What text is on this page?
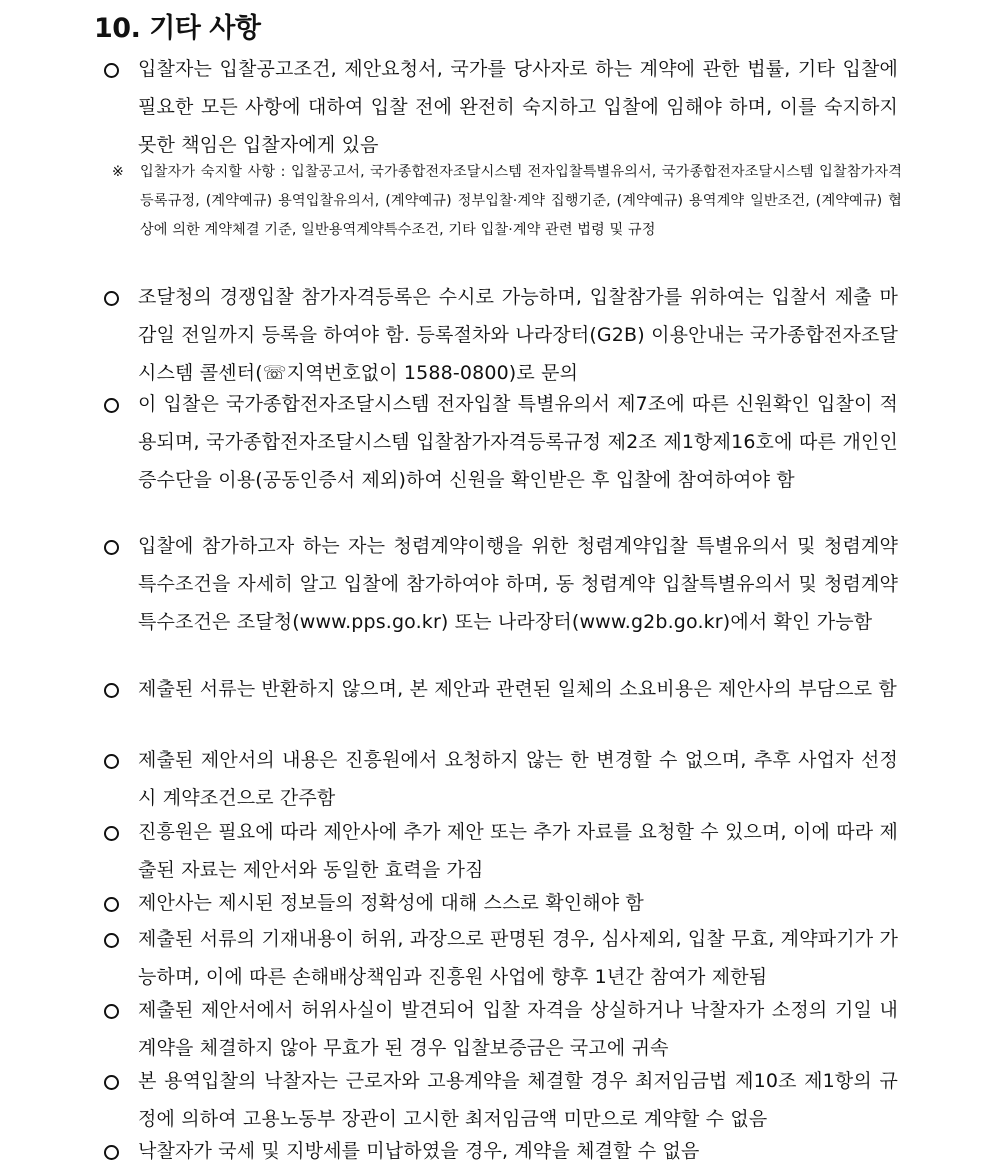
10. 기타 사항
입찰자는 입찰공고조건, 제안요청서, 국가를 당사자로 하는 계약에 관한 법률, 기타 입찰에 필요한 모든 사항에 대하여 입찰 전에 완전히 숙지하고 입찰에 임해야 하며, 이를 숙지하지 못한 책임은 입찰자에게 있음
※ 입찰자가 숙지할 사항 : 입찰공고서, 국가종합전자조달시스템 전자입찰특별유의서, 국가종합전자조달시스템 입찰참가자격등록규정, (계약예규) 용역입찰유의서, (계약예규) 정부입찰·계약 집행기준, (계약예규) 용역계약 일반조건, (계약예규) 협상에 의한 계약체결 기준, 일반용역계약특수조건, 기타 입찰·계약 관련 법령 및 규정
조달청의 경쟁입찰 참가자격등록은 수시로 가능하며, 입찰참가를 위하여는 입찰서 제출 마감일 전일까지 등록을 하여야 함. 등록절차와 나라장터(G2B) 이용안내는 국가종합전자조달시스템 콜센터(☏지역번호없이 1588-0800)로 문의
이 입찰은 국가종합전자조달시스템 전자입찰 특별유의서 제7조에 따른 신원확인 입찰이 적용되며, 국가종합전자조달시스템 입찰참가자격등록규정 제2조 제1항제16호에 따른 개인인증수단을 이용(공동인증서 제외)하여 신원을 확인받은 후 입찰에 참여하여야 함
입찰에 참가하고자 하는 자는 청렴계약이행을 위한 청렴계약입찰 특별유의서 및 청렴계약 특수조건을 자세히 알고 입찰에 참가하여야 하며, 동 청렴계약 입찰특별유의서 및 청렴계약 특수조건은 조달청(www.pps.go.kr) 또는 나라장터(www.g2b.go.kr)에서 확인 가능함
제출된 서류는 반환하지 않으며, 본 제안과 관련된 일체의 소요비용은 제안사의 부담으로 함
제출된 제안서의 내용은 진흥원에서 요청하지 않는 한 변경할 수 없으며, 추후 사업자 선정 시 계약조건으로 간주함
진흥원은 필요에 따라 제안사에 추가 제안 또는 추가 자료를 요청할 수 있으며, 이에 따라 제출된 자료는 제안서와 동일한 효력을 가짐
제안사는 제시된 정보들의 정확성에 대해 스스로 확인해야 함
제출된 서류의 기재내용이 허위, 과장으로 판명된 경우, 심사제외, 입찰 무효, 계약파기가 가능하며, 이에 따른 손해배상책임과 진흥원 사업에 향후 1년간 참여가 제한됨
제출된 제안서에서 허위사실이 발견되어 입찰 자격을 상실하거나 낙찰자가 소정의 기일 내 계약을 체결하지 않아 무효가 된 경우 입찰보증금은 국고에 귀속
본 용역입찰의 낙찰자는 근로자와 고용계약을 체결할 경우 최저임금법 제10조 제1항의 규정에 의하여 고용노동부 장관이 고시한 최저임금액 미만으로 계약할 수 없음
낙찰자가 국세 및 지방세를 미납하였을 경우, 계약을 체결할 수 없음
